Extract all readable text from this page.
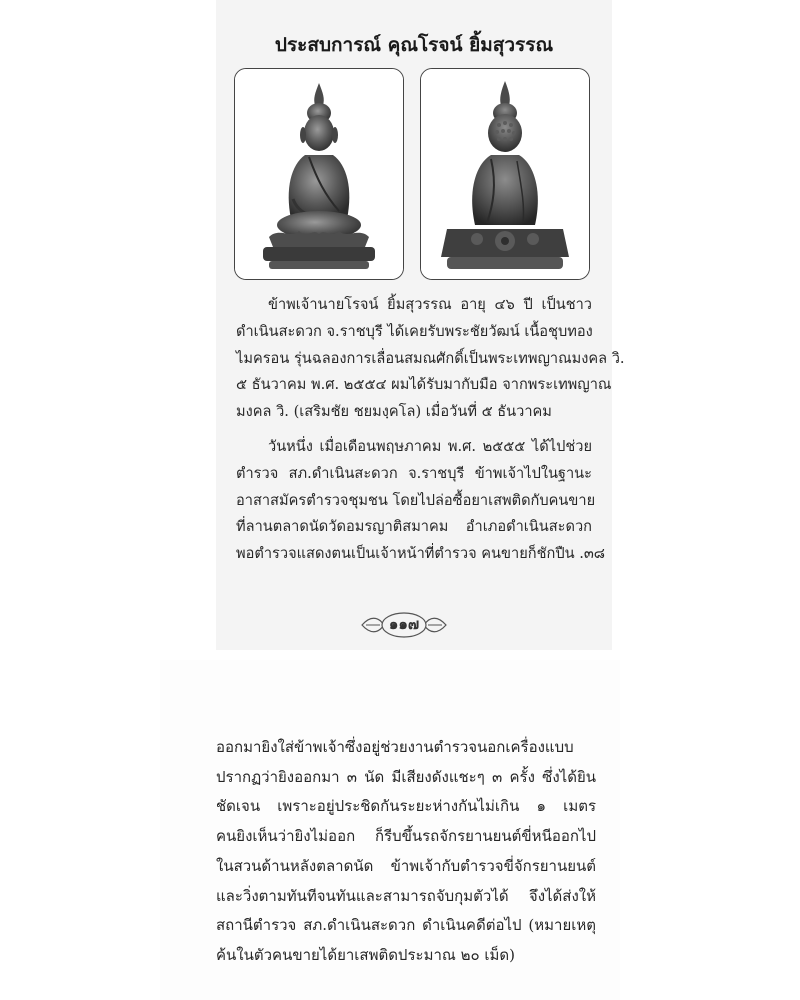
ประสบการณ์ คุณโรจน์ ยิ้มสุวรรณ
ข้าพเจ้านายโรจน์ ยิ้มสุวรรณ อายุ ๔๖ ปี เป็นชาว
ดำเนินสะดวก จ.ราชบุรี ได้เคยรับพระชัยวัฒน์ เนื้อชุบทอง
ไมครอน รุ่นฉลองการเลื่อนสมณศักดิ์เป็นพระเทพญาณมงคล วิ.
๕ ธันวาคม พ.ศ. ๒๕๕๔ ผมได้รับมากับมือ จากพระเทพญาณ
มงคล วิ. (เสริมชัย ชยมงฺคโล) เมื่อวันที่ ๕ ธันวาคม
วันหนึ่ง เมื่อเดือนพฤษภาคม พ.ศ. ๒๕๕๕ ได้ไปช่วย
ตำรวจ สภ.ดำเนินสะดวก จ.ราชบุรี ข้าพเจ้าไปในฐานะ
อาสาสมัครตำรวจชุมชน โดยไปล่อซื้อยาเสพติดกับคนขาย
ที่ลานตลาดนัดวัดอมรญาติสมาคม อำเภอดำเนินสะดวก
พอตำรวจแสดงตนเป็นเจ้าหน้าที่ตำรวจ คนขายก็ชักปืน .๓๘
๑๑๗
ออกมายิงใส่ข้าพเจ้าซึ่งอยู่ช่วยงานตำรวจนอกเครื่องแบบ
ปรากฏว่ายิงออกมา ๓ นัด มีเสียงดังแชะๆ ๓ ครั้ง ซึ่งได้ยิน
ชัดเจน เพราะอยู่ประชิดกันระยะห่างกันไม่เกิน ๑ เมตร
คนยิงเห็นว่ายิงไม่ออก ก็รีบขึ้นรถจักรยานยนต์ขี่หนีออกไป
ในสวนด้านหลังตลาดนัด ข้าพเจ้ากับตำรวจขี่จักรยานยนต์
และวิ่งตามทันทีจนทันและสามารถจับกุมตัวได้ จึงได้ส่งให้
สถานีตำรวจ สภ.ดำเนินสะดวก ดำเนินคดีต่อไป (หมายเหตุ
ค้นในตัวคนขายได้ยาเสพติดประมาณ ๒๐ เม็ด)
